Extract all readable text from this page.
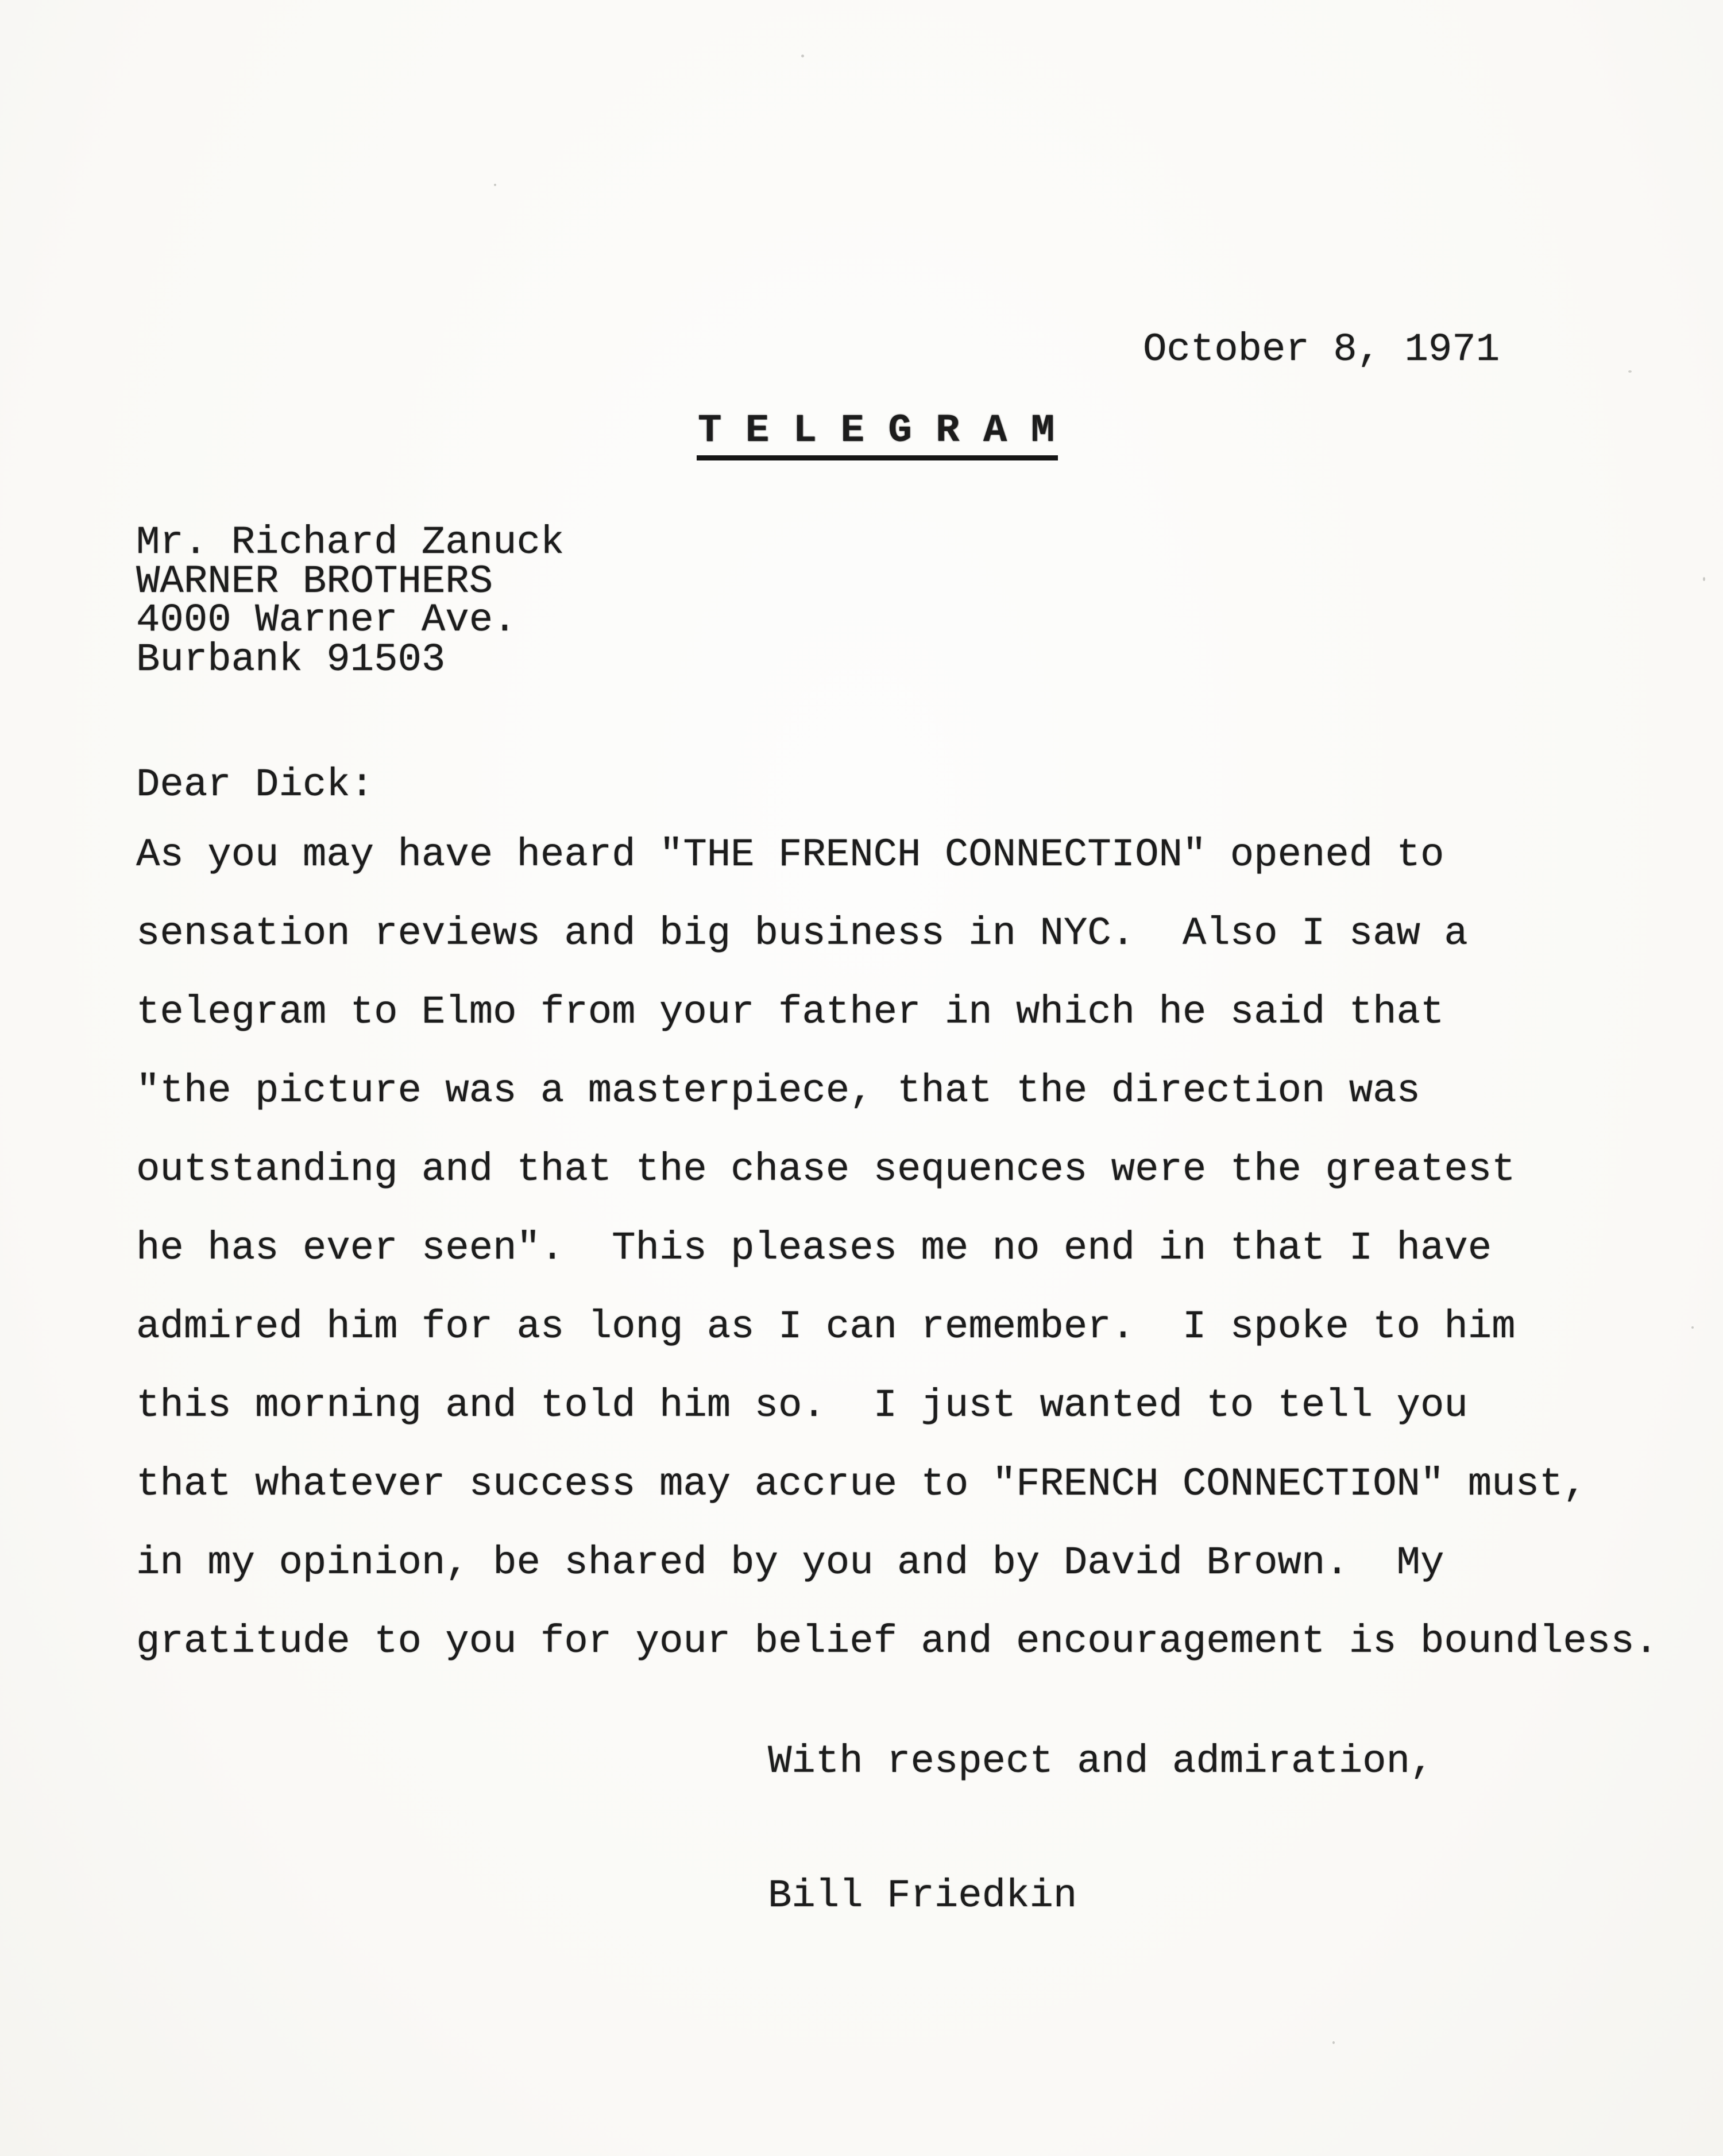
October 8, 1971
T E L E G R A M
Mr. Richard Zanuck
WARNER BROTHERS
4000 Warner Ave.
Burbank 91503
Dear Dick:
As you may have heard "THE FRENCH CONNECTION" opened to
sensation reviews and big business in NYC.  Also I saw a
telegram to Elmo from your father in which he said that
"the picture was a masterpiece, that the direction was
outstanding and that the chase sequences were the greatest
he has ever seen".  This pleases me no end in that I have
admired him for as long as I can remember.  I spoke to him
this morning and told him so.  I just wanted to tell you
that whatever success may accrue to "FRENCH CONNECTION" must,
in my opinion, be shared by you and by David Brown.  My
gratitude to you for your belief and encouragement is boundless.
With respect and admiration,
Bill Friedkin
